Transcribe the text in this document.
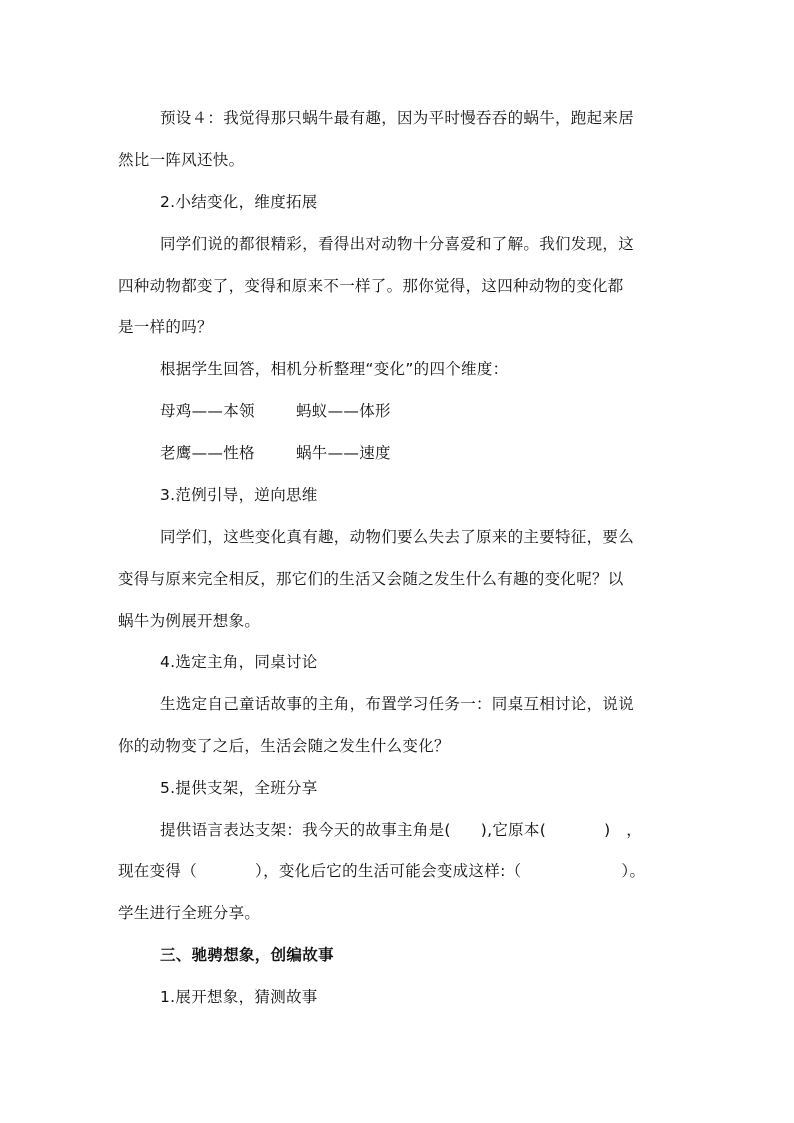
预设４：我觉得那只蜗牛最有趣，因为平时慢吞吞的蜗牛，跑起来居
然比一阵风还快。
2.小结变化，维度拓展
同学们说的都很精彩，看得出对动物十分喜爱和了解。我们发现，这
四种动物都变了，变得和原来不一样了。那你觉得，这四种动物的变化都
是一样的吗？
根据学生回答，相机分析整理“变化”的四个维度：
母鸡——本领	蚂蚁——体形
老鹰——性格	蜗牛——速度
3.范例引导，逆向思维
同学们，这些变化真有趣，动物们要么失去了原来的主要特征，要么
变得与原来完全相反，那它们的生活又会随之发生什么有趣的变化呢？以
蜗牛为例展开想象。
4.选定主角，同桌讨论
生选定自己童话故事的主角，布置学习任务一：同桌互相讨论，说说
你的动物变了之后，生活会随之发生什么变化？
5.提供支架，全班分享
提供语言表达支架：我今天的故事主角是( ),它原本(	)　，
现在变得（	），变化后它的生活可能会变成这样:（	）。
学生进行全班分享。
三、驰骋想象，创编故事
1.展开想象，猜测故事
